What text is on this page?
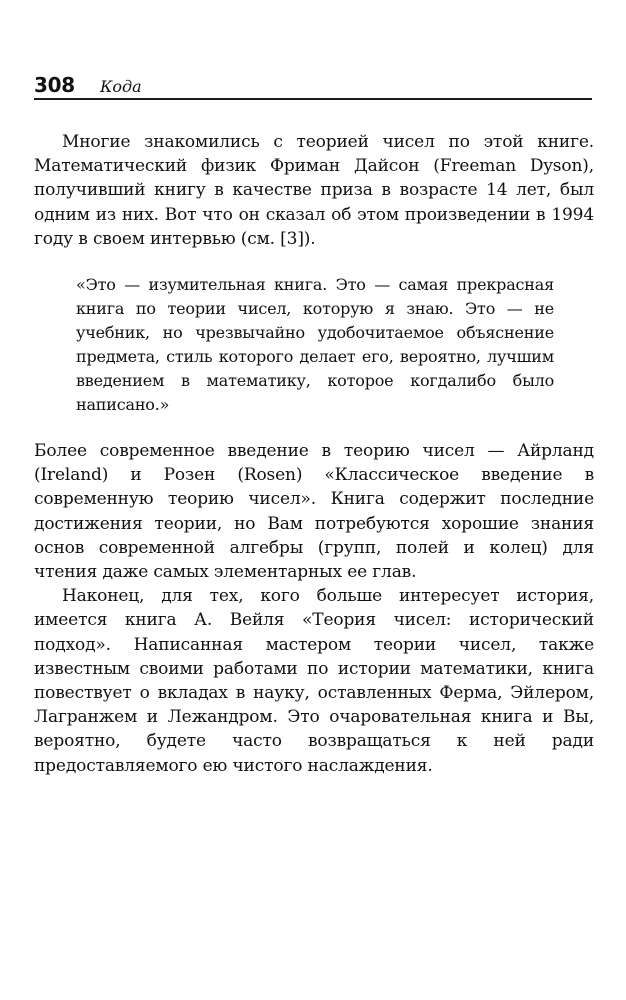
308 Кода

Многие знакомились с теорией чисел по этой книге. Математический физик Фриман Дайсон (Freeman Dyson), получивший книгу в качестве приза в возрасте 14 лет, был одним из них. Вот что он сказал об этом произведении в 1994 году в своем интервью (см. [3]).

«Это — изумительная книга. Это — самая прекрасная книга по теории чисел, которую я знаю. Это — не учебник, но чрезвычайно удобочитаемое объяснение предмета, стиль которого делает его, вероятно, лучшим введением в математику, которое когдалибо было написано.»

Более современное введение в теорию чисел — Айрланд (Ireland) и Розен (Rosen) «Классическое введение в современную теорию чисел». Книга содержит последние достижения теории, но Вам потребуются хорошие знания основ современной алгебры (групп, полей и колец) для чтения даже самых элементарных ее глав.

Наконец, для тех, кого больше интересует история, имеется книга А. Вейля «Теория чисел: исторический подход». Написанная мастером теории чисел, также известным своими работами по истории математики, книга повествует о вкладах в науку, оставленных Ферма, Эйлером, Лагранжем и Лежандром. Это очаровательная книга и Вы, вероятно, будете часто возвращаться к ней ради предоставляемого ею чистого наслаждения.
